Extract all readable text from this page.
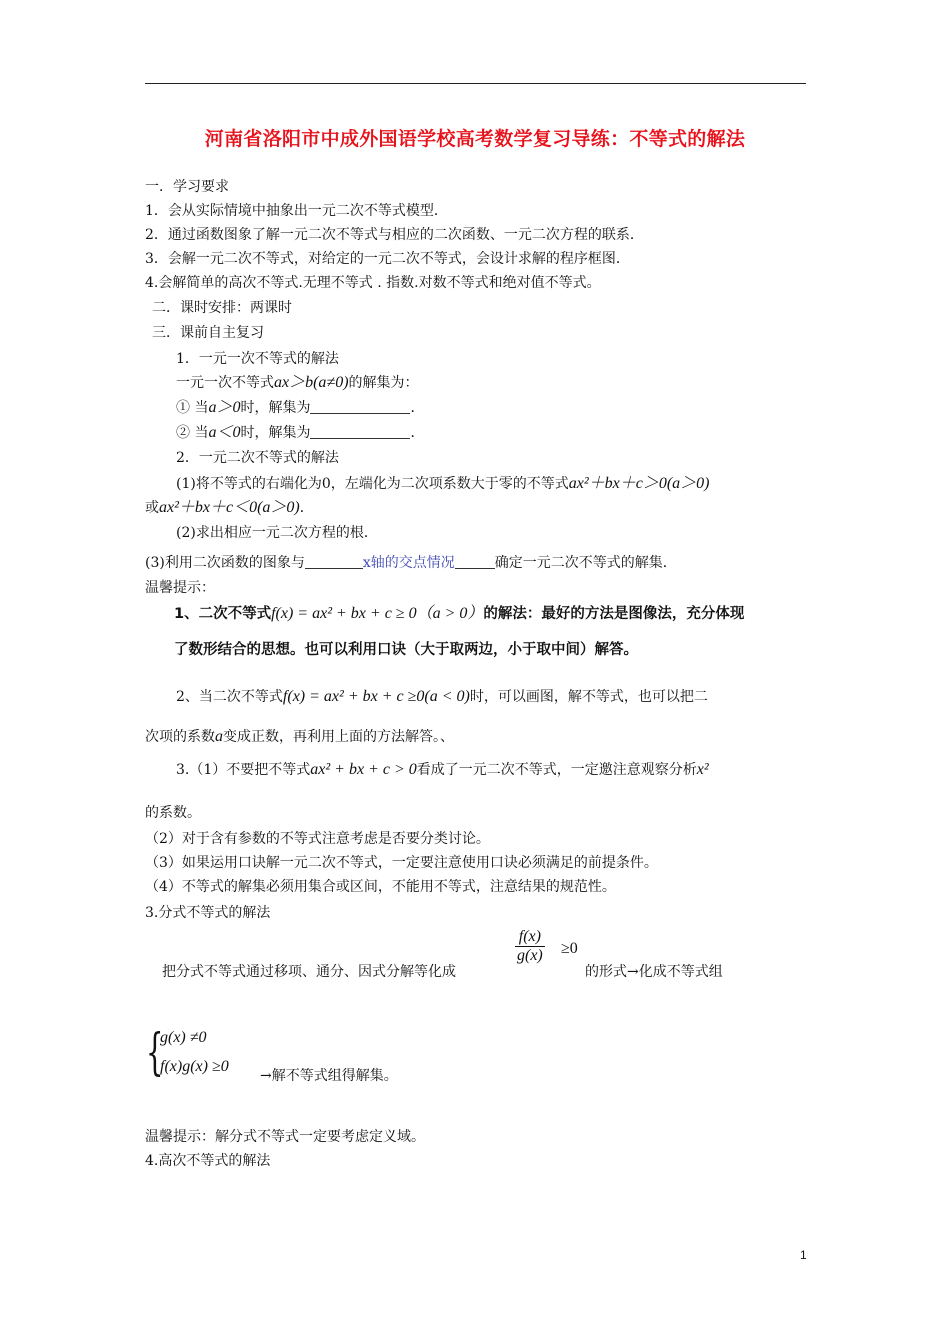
河南省洛阳市中成外国语学校高考数学复习导练：不等式的解法
一．学习要求
1．会从实际情境中抽象出一元二次不等式模型．
2．通过函数图象了解一元二次不等式与相应的二次函数、一元二次方程的联系．
3．会解一元二次不等式，对给定的一元二次不等式，会设计求解的程序框图．
4.会解简单的高次不等式.无理不等式 . 指数.对数不等式和绝对值不等式。
二．课时安排：两课时
三．课前自主复习
1．一元一次不等式的解法
一元一次不等式ax＞b(a≠0)的解集为：
① 当a＞0时，解集为	．
② 当a＜0时，解集为	．
2．一元二次不等式的解法
(1)将不等式的右端化为0，左端化为二次项系数大于零的不等式ax²＋bx＋c＞0(a＞0)
或ax²＋bx＋c＜0(a＞0)．
(2)求出相应一元二次方程的根．
(3)利用二次函数的图象与	x轴的交点情况	确定一元二次不等式的解集．
温馨提示：
1、二次不等式f(x) = ax² + bx + c ≥ 0（a > 0）的解法：最好的方法是图像法，充分体现
了数形结合的思想。也可以利用口诀（大于取两边，小于取中间）解答。
2、当二次不等式f(x) = ax² + bx + c ≥0(a < 0)时，可以画图，解不等式，也可以把二
次项的系数a变成正数，再利用上面的方法解答。、
3.（1）不要把不等式ax² + bx + c > 0看成了一元二次不等式，一定邀注意观察分析x²
的系数。
（2）对于含有参数的不等式注意考虑是否要分类讨论。
（3）如果运用口诀解一元二次不等式，一定要注意使用口诀必须满足的前提条件。
（4）不等式的解集必须用集合或区间，不能用不等式，注意结果的规范性。
3.分式不等式的解法
把分式不等式通过移项、通分、因式分解等化成
$\frac{f(x)}{g(x)} \ge 0$
的形式→化成不等式组
{
g(x) ≠0
f(x)g(x) ≥0
→解不等式组得解集。
温馨提示：解分式不等式一定要考虑定义域。
4.高次不等式的解法
1
